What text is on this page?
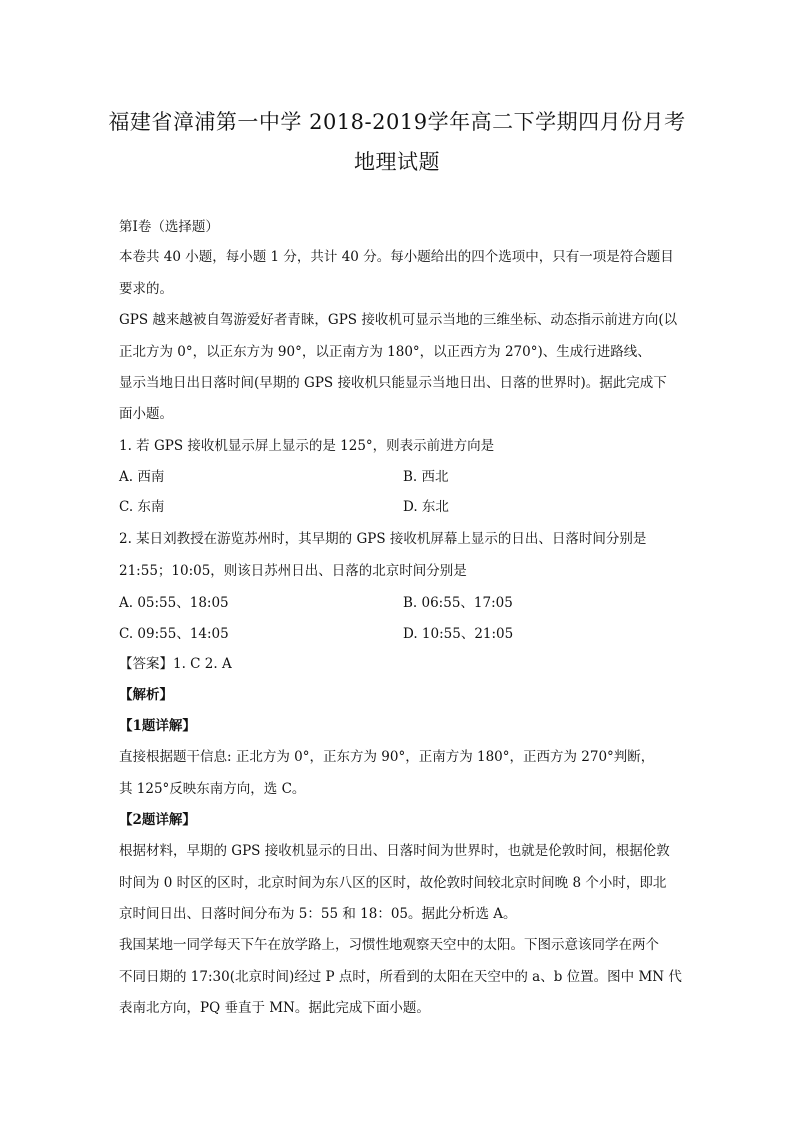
福建省漳浦第一中学 2018-2019学年高二下学期四月份月考
地理试题
第Ⅰ卷（选择题）
本卷共 40 小题，每小题 1 分，共计 40 分。每小题给出的四个选项中，只有一项是符合题目
要求的。
GPS 越来越被自驾游爱好者青睐，GPS 接收机可显示当地的三维坐标、动态指示前进方向(以
正北方为 0°，以正东方为 90°，以正南方为 180°，以正西方为 270°)、生成行进路线、
显示当地日出日落时间(早期的 GPS 接收机只能显示当地日出、日落的世界时)。据此完成下
面小题。
1. 若 GPS 接收机显示屏上显示的是 125°，则表示前进方向是
A. 西南	B. 西北
C. 东南	D. 东北
2. 某日刘教授在游览苏州时，其早期的 GPS 接收机屏幕上显示的日出、日落时间分别是
21:55；10:05，则该日苏州日出、日落的北京时间分别是
A. 05:55、18:05	B. 06:55、17:05
C. 09:55、14:05	D. 10:55、21:05
【答案】1. C 2. A
【解析】
【1题详解】
直接根据题干信息: 正北方为 0°，正东方为 90°，正南方为 180°，正西方为 270°判断，
其 125°反映东南方向，选 C。
【2题详解】
根据材料，早期的 GPS 接收机显示的日出、日落时间为世界时，也就是伦敦时间，根据伦敦
时间为 0 时区的区时，北京时间为东八区的区时，故伦敦时间较北京时间晚 8 个小时，即北
京时间日出、日落时间分布为 5：55 和 18：05。据此分析选 A。
我国某地一同学每天下午在放学路上，习惯性地观察天空中的太阳。下图示意该同学在两个
不同日期的 17:30(北京时间)经过 P 点时，所看到的太阳在天空中的 a、b 位置。图中 MN 代
表南北方向，PQ 垂直于 MN。据此完成下面小题。
